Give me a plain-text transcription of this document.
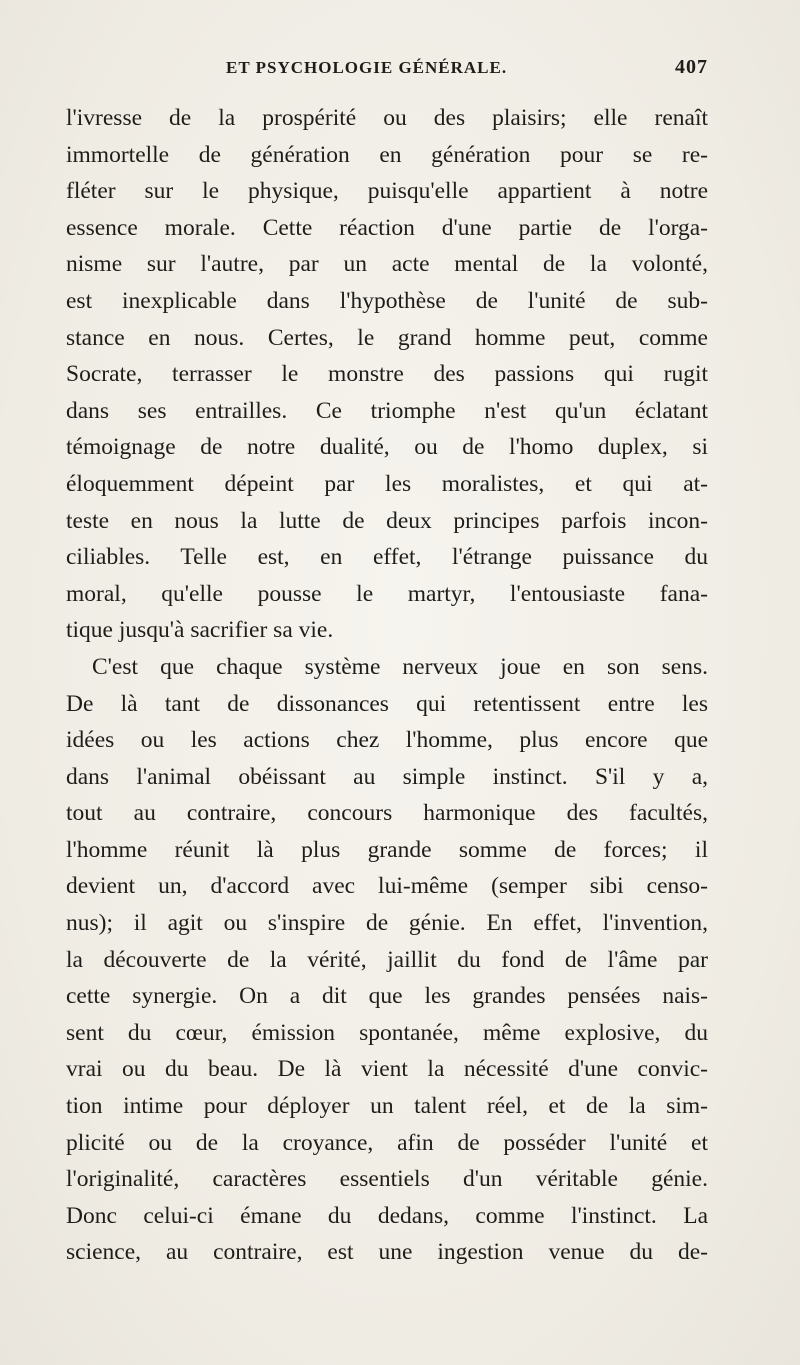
ET PSYCHOLOGIE GÉNÉRALE.	407

l'ivresse de la prospérité ou des plaisirs; elle renaît

immortelle de génération en génération pour se re-

fléter sur le physique, puisqu'elle appartient à notre

essence morale. Cette réaction d'une partie de l'orga-

nisme sur l'autre, par un acte mental de la volonté,

est inexplicable dans l'hypothèse de l'unité de sub-

stance en nous. Certes, le grand homme peut, comme

Socrate, terrasser le monstre des passions qui rugit

dans ses entrailles. Ce triomphe n'est qu'un éclatant

témoignage de notre dualité, ou de l'homo duplex, si

éloquemment dépeint par les moralistes, et qui at-

teste en nous la lutte de deux principes parfois incon-

ciliables. Telle est, en effet, l'étrange puissance du

moral, qu'elle pousse le martyr, l'entousiaste fana-

tique jusqu'à sacrifier sa vie.

C'est que chaque système nerveux joue en son sens.

De là tant de dissonances qui retentissent entre les

idées ou les actions chez l'homme, plus encore que

dans l'animal obéissant au simple instinct. S'il y a,

tout au contraire, concours harmonique des facultés,

l'homme réunit là plus grande somme de forces; il

devient un, d'accord avec lui-même (semper sibi censo-

nus); il agit ou s'inspire de génie. En effet, l'invention,

la découverte de la vérité, jaillit du fond de l'âme par

cette synergie. On a dit que les grandes pensées nais-

sent du cœur, émission spontanée, même explosive, du

vrai ou du beau. De là vient la nécessité d'une convic-

tion intime pour déployer un talent réel, et de la sim-

plicité ou de la croyance, afin de posséder l'unité et

l'originalité, caractères essentiels d'un véritable génie.

Donc celui-ci émane du dedans, comme l'instinct. La

science, au contraire, est une ingestion venue du de-
